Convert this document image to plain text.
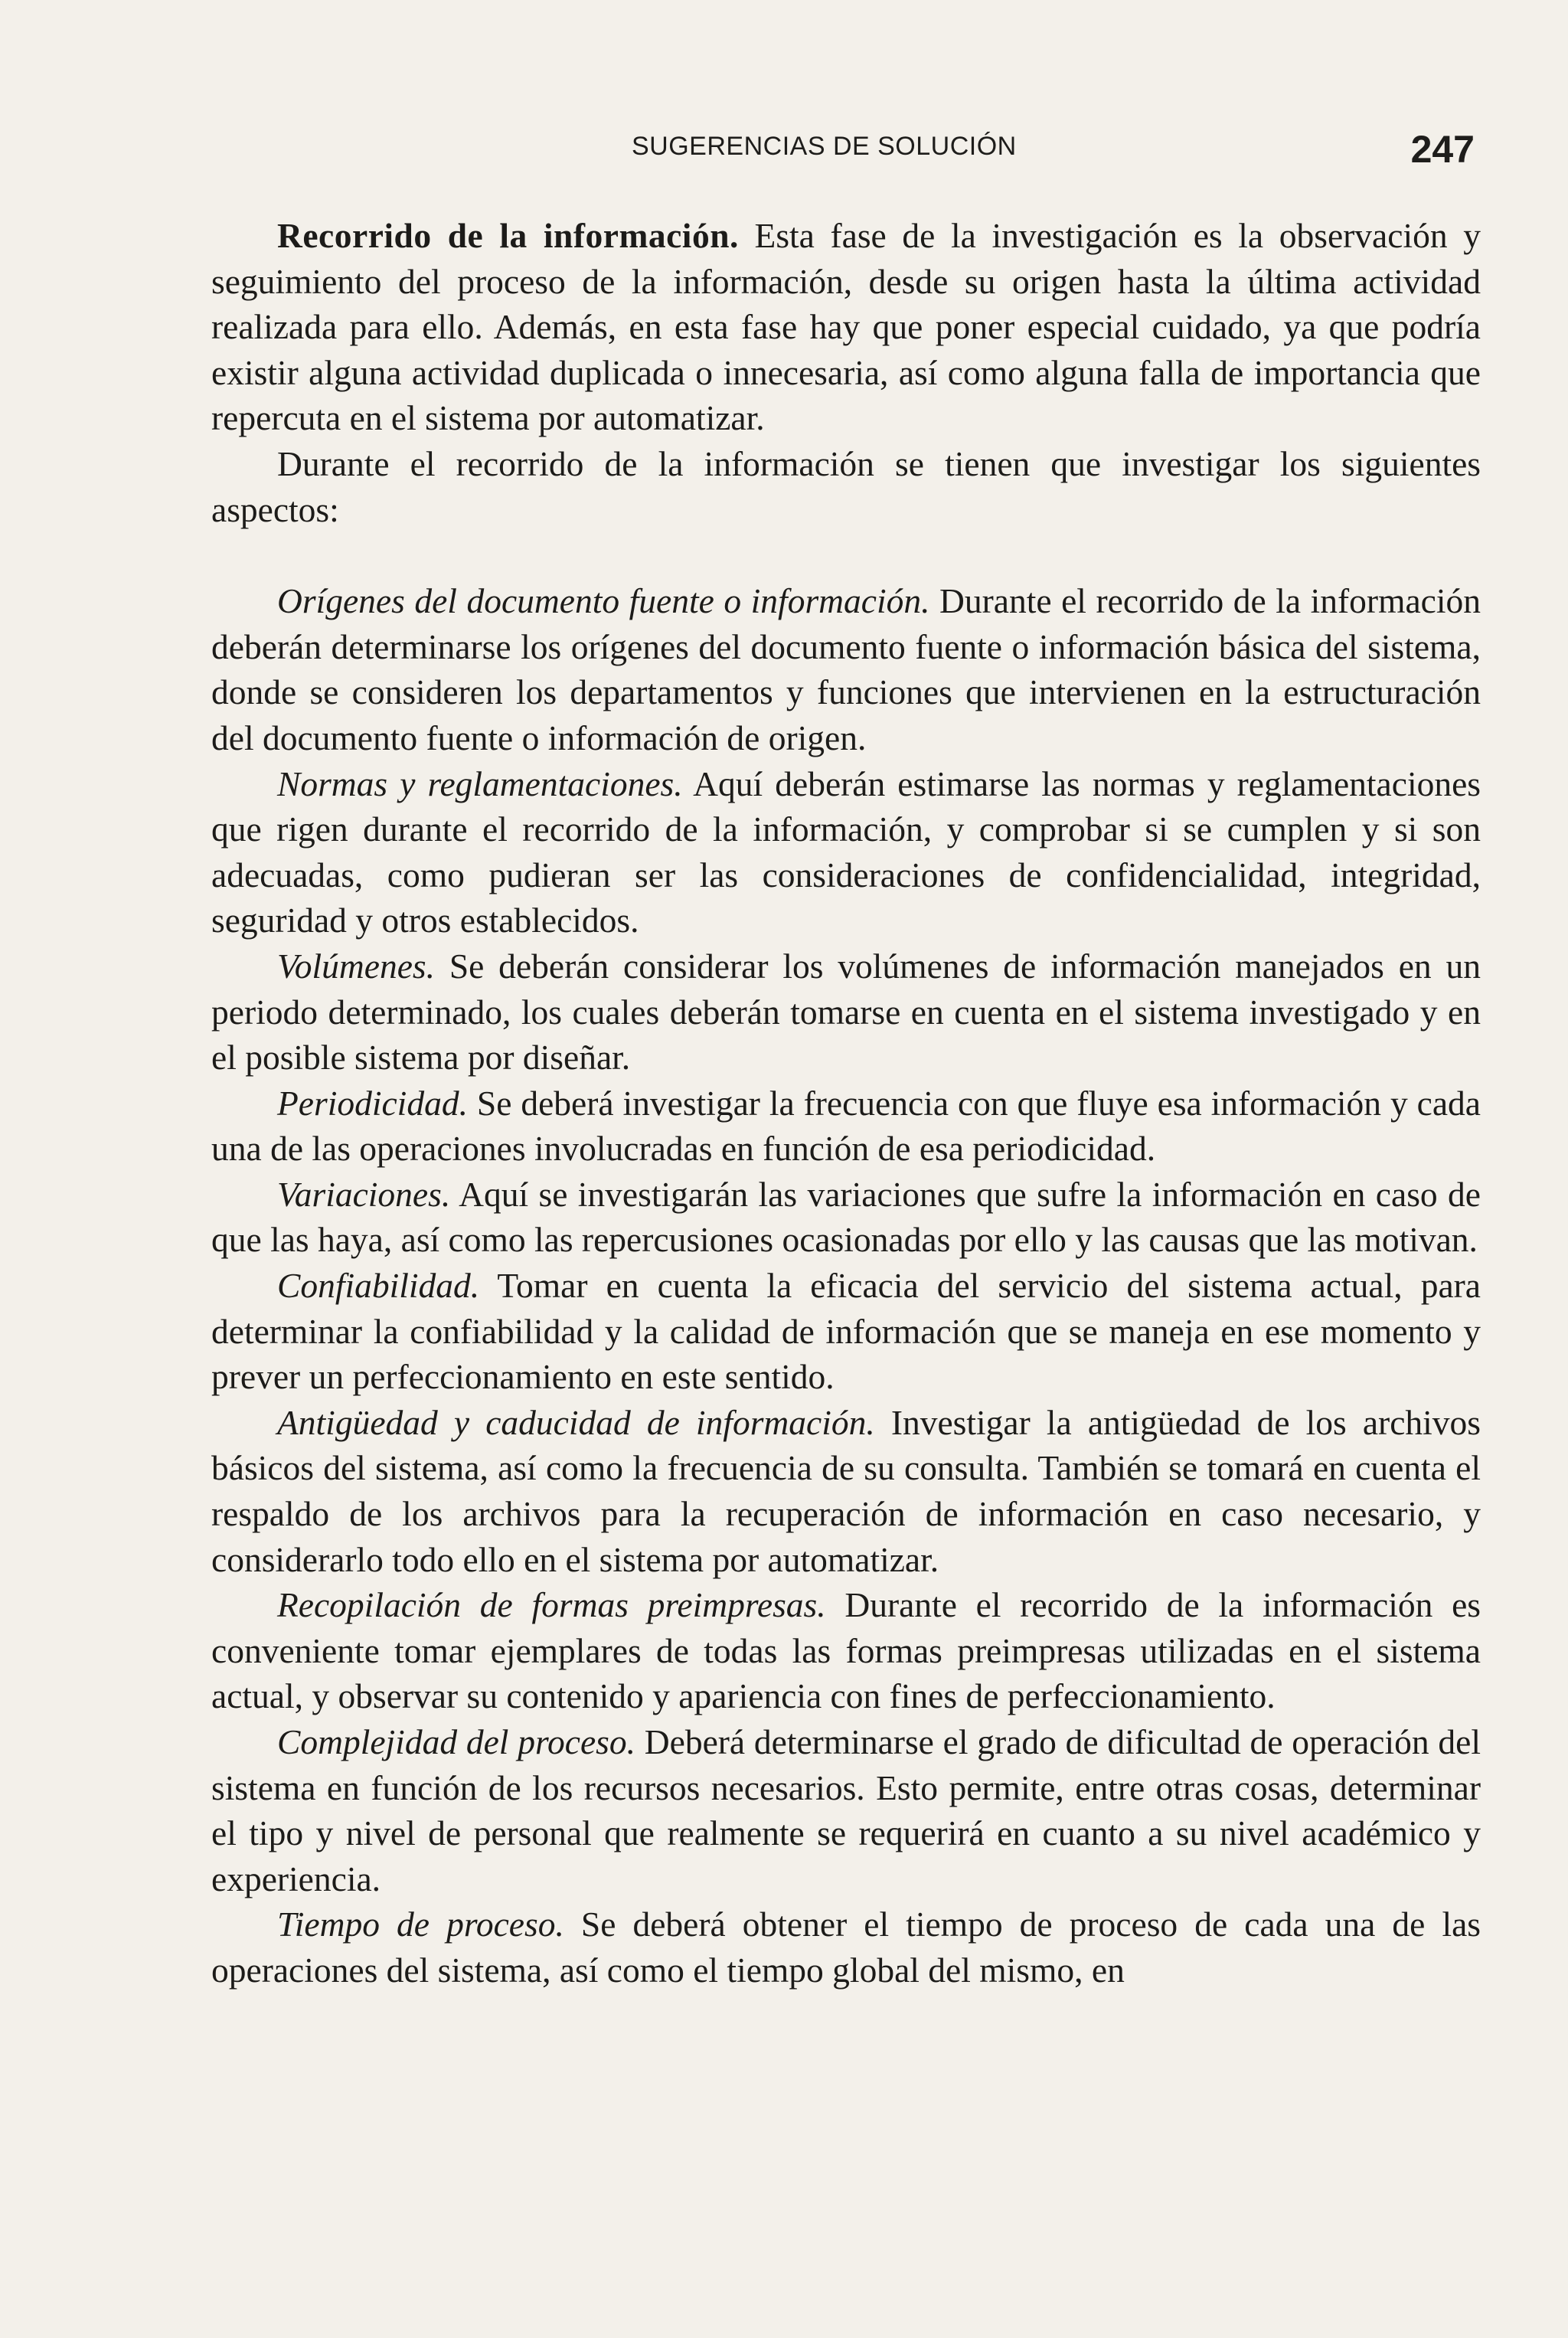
SUGERENCIAS DE SOLUCIÓN	247

Recorrido de la información. Esta fase de la investigación es la observación y seguimiento del proceso de la información, desde su origen hasta la última actividad realizada para ello. Además, en esta fase hay que poner especial cuidado, ya que podría existir alguna actividad duplicada o innecesaria, así como alguna falla de importancia que repercuta en el sistema por automatizar.

Durante el recorrido de la información se tienen que investigar los siguientes aspectos:

Orígenes del documento fuente o información. Durante el recorrido de la información deberán determinarse los orígenes del documento fuente o información básica del sistema, donde se consideren los departamentos y funciones que intervienen en la estructuración del documento fuente o información de origen.

Normas y reglamentaciones. Aquí deberán estimarse las normas y reglamentaciones que rigen durante el recorrido de la información, y comprobar si se cumplen y si son adecuadas, como pudieran ser las consideraciones de confidencialidad, integridad, seguridad y otros establecidos.

Volúmenes. Se deberán considerar los volúmenes de información manejados en un periodo determinado, los cuales deberán tomarse en cuenta en el sistema investigado y en el posible sistema por diseñar.

Periodicidad. Se deberá investigar la frecuencia con que fluye esa información y cada una de las operaciones involucradas en función de esa periodicidad.

Variaciones. Aquí se investigarán las variaciones que sufre la información en caso de que las haya, así como las repercusiones ocasionadas por ello y las causas que las motivan.

Confiabilidad. Tomar en cuenta la eficacia del servicio del sistema actual, para determinar la confiabilidad y la calidad de información que se maneja en ese momento y prever un perfeccionamiento en este sentido.

Antigüedad y caducidad de información. Investigar la antigüedad de los archivos básicos del sistema, así como la frecuencia de su consulta. También se tomará en cuenta el respaldo de los archivos para la recuperación de información en caso necesario, y considerarlo todo ello en el sistema por automatizar.

Recopilación de formas preimpresas. Durante el recorrido de la información es conveniente tomar ejemplares de todas las formas preimpresas utilizadas en el sistema actual, y observar su contenido y apariencia con fines de perfeccionamiento.

Complejidad del proceso. Deberá determinarse el grado de dificultad de operación del sistema en función de los recursos necesarios. Esto permite, entre otras cosas, determinar el tipo y nivel de personal que realmente se requerirá en cuanto a su nivel académico y experiencia.

Tiempo de proceso. Se deberá obtener el tiempo de proceso de cada una de las operaciones del sistema, así como el tiempo global del mismo, en
